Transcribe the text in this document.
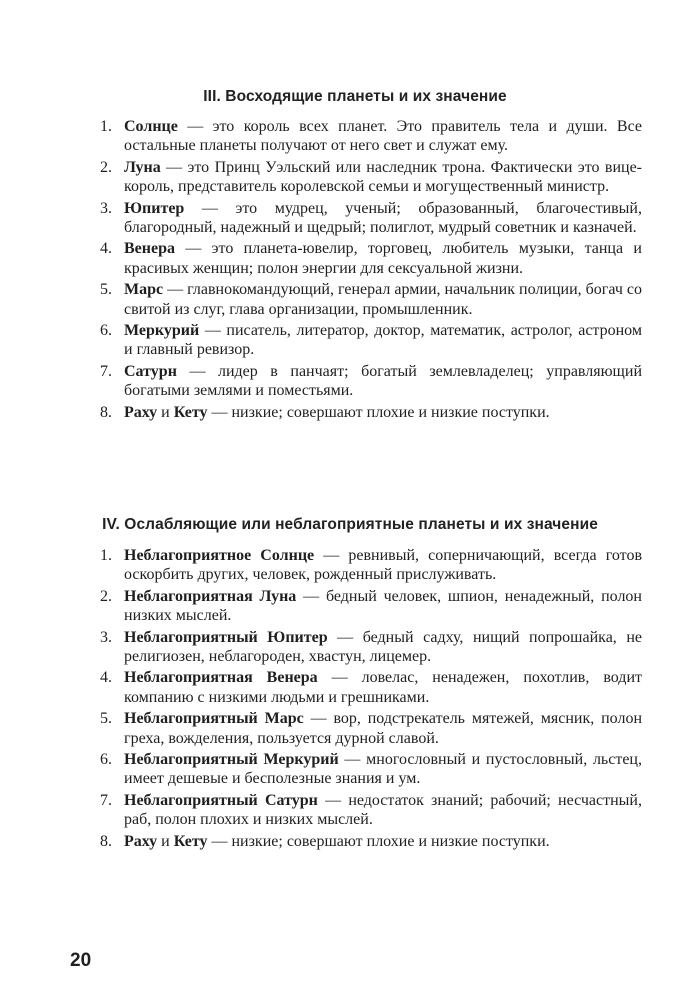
III. Восходящие планеты и их значение
1. Солнце — это король всех планет. Это правитель тела и души. Все остальные планеты получают от него свет и служат ему.
2. Луна — это Принц Уэльский или наследник трона. Фактически это вице-король, представитель королевской семьи и могущественный министр.
3. Юпитер — это мудрец, ученый; образованный, благочестивый, благородный, надежный и щедрый; полиглот, мудрый советник и казначей.
4. Венера — это планета-ювелир, торговец, любитель музыки, танца и красивых женщин; полон энергии для сексуальной жизни.
5. Марс — главнокомандующий, генерал армии, начальник полиции, богач со свитой из слуг, глава организации, промышленник.
6. Меркурий — писатель, литератор, доктор, математик, астролог, астроном и главный ревизор.
7. Сатурн — лидер в панчаят; богатый землевладелец; управляющий богатыми землями и поместьями.
8. Раху и Кету — низкие; совершают плохие и низкие поступки.
IV. Ослабляющие или неблагоприятные планеты и их значение
1. Неблагоприятное Солнце — ревнивый, соперничающий, всегда готов оскорбить других, человек, рожденный прислуживать.
2. Неблагоприятная Луна — бедный человек, шпион, ненадежный, полон низких мыслей.
3. Неблагоприятный Юпитер — бедный садху, нищий попрошайка, не религиозен, неблагороден, хвастун, лицемер.
4. Неблагоприятная Венера — ловелас, ненадежен, похотлив, водит компанию с низкими людьми и грешниками.
5. Неблагоприятный Марс — вор, подстрекатель мятежей, мясник, полон греха, вожделения, пользуется дурной славой.
6. Неблагоприятный Меркурий — многословный и пустословный, льстец, имеет дешевые и бесполезные знания и ум.
7. Неблагоприятный Сатурн — недостаток знаний; рабочий; несчастный, раб, полон плохих и низких мыслей.
8. Раху и Кету — низкие; совершают плохие и низкие поступки.
20
